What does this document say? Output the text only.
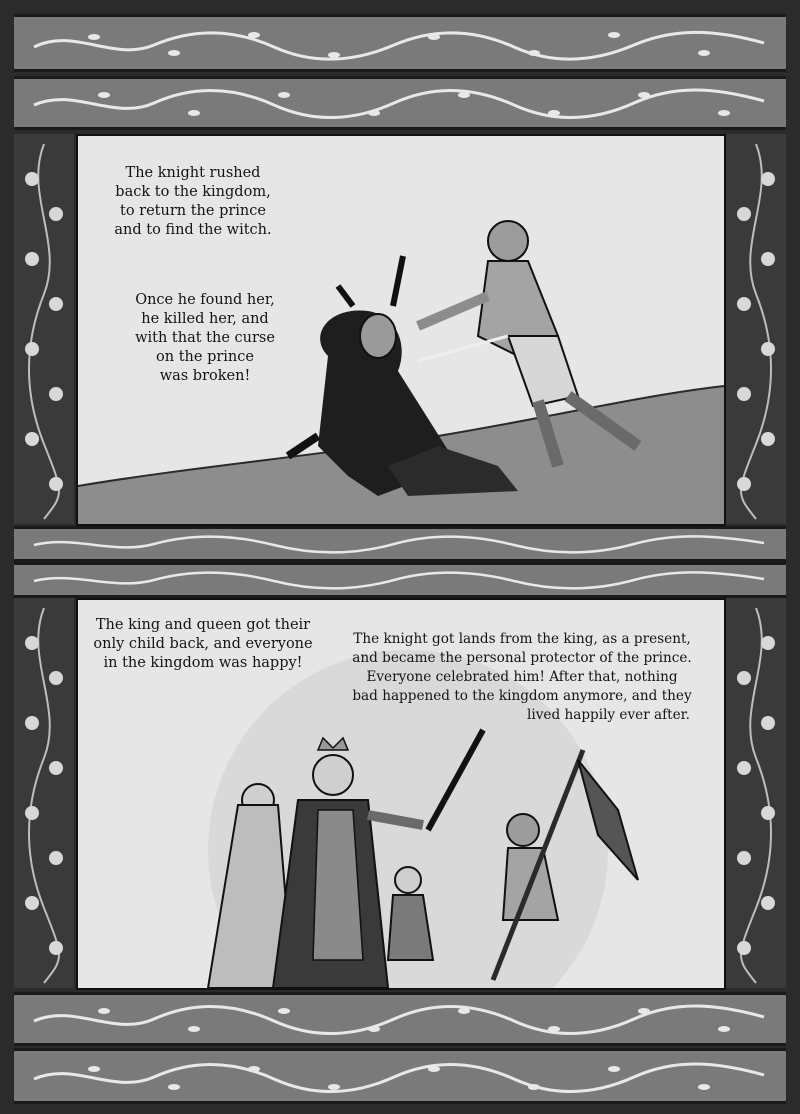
The knight rushed
back to the kingdom,
to return the prince
and to find the witch.
Once he found her,
he killed her, and
with that the curse
on the prince
was broken!
The king and queen got their
only child back, and everyone
in the kingdom was happy!
The knight got lands from the king, as a present,
and became the personal protector of the prince.
Everyone celebrated him! After that, nothing
bad happened to the kingdom anymore, and they
lived happily ever after.
